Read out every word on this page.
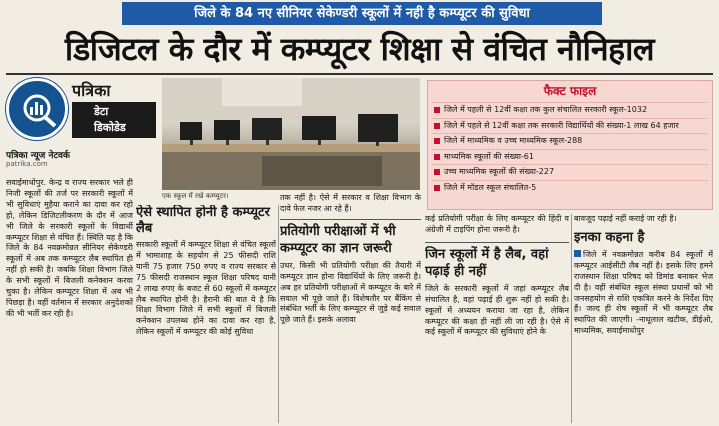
जिले के 84 नए सीनियर सेकेण्डरी स्कूलों में नही है कम्प्यूटर की सुविधा
डिजिटल के दौर में कम्प्यूटर शिक्षा से वंचित नौनिहाल
पत्रिका
डेटा
डिकोडेड
पत्रिका न्यूज नेटवर्क
patrika.com
सवाईमाधोपुर. केन्द्र व राज्य सरकार भले ही निजी स्कूलों की तर्ज पर सरकारी स्कूलों में भी सुविधाएं मुहैया कराने का दावा कर रहो हो, लेकिन डिजिटलीकरण के दौर में आज भी जिले के सरकारी स्कूलों के विद्यार्थी कम्प्यूटर शिक्षा से वंचित हैं। स्थिति यह है कि जिले के 84 नवक्रमोन्नत सीनियर सेकेण्डरी स्कूलों में अब तक कम्प्यूटर लैब स्थापित ही नहीं हो सकी है। जबकि शिक्षा विभाग जिले के सभी स्कूलों में बिजली कनेक्शन करवा चुका है। लेकिन कम्प्यूटर शिक्षा में अब भी पिछड़ा है। वहीं वर्तमान में सरकार अनुदेशकों की भी भर्ती कर रही है।
एक स्कूल में रखे कम्प्यूटर।
ऐसे स्थापित होनी है कम्प्यूटर लैब
सरकारी स्कूलों में कम्प्यूटर शिक्षा से वंचित स्कूलों में भामाशाह के सहयोग से 25 फीसदी राशि यानी 75 हजार 750 रुपए व राज्य सरकार से 75 फीसदी राजस्थान स्कूल शिक्षा परिषद यानी 2 लाख रुपए के बजट से 60 स्कूलों में कम्प्यूटर लैब स्थापित होनी है। हैरानी की बात ये है कि शिक्षा विभाग जिले में सभी स्कूलों में बिजली कनेक्शन उपलब्ध होने का दावा कर रहा है, लेकिन स्कूलों में कम्प्यूटर की कोई सुविधा
तक नहीं है। ऐसे में सरकार व शिक्षा विभाग के दावे फेल नजर आ रहे हैं।
प्रतियोगी परीक्षाओं में भी कम्प्यूटर का ज्ञान जरूरी
उधर, किसी भी प्रतियोगी परीक्षा की तैयारी में कम्प्यूटर ज्ञान होना विद्यार्थियों के लिए जरूरी है। अब हर प्रतियोगी परीक्षाओं में कम्प्यूटर के बारे में सवाल भी पूछे जाते हैं। विशेषतौर पर बैंकिंग से संबंधित भर्ती के लिए कम्प्यूटर से जुड़े कई सवाल पूछे जाते हैं। इसके अलावा
फैक्ट फाइल
जिले में पहली से 12वीं कक्षा तक कुल संचालित सरकारी स्कूल-1032
जिले में पहले से 12वीं कक्षा तक सरकारी विद्यार्थियों की संख्या-1 लाख 64 हजार
जिले में माध्यमिक व उच्च माध्यमिक स्कूल-288
माध्यमिक स्कूलों की संख्या-61
उच्च माध्यमिक स्कूलों की संख्या-227
जिले में मॉडल स्कूल संचालित-5
कई प्रतियोगी परीक्षा के लिए कम्प्यूटर की हिंदी व अंग्रेजी में टाइपिंग होना जरूरी है।
जिन स्कूलों में है लैब, वहां पढ़ाई ही नहीं
जिले के सरकारी स्कूलों में जहां कम्प्यूटर लैब संचालित है, वहां पढ़ाई ही शुरू नहीं हो सकी है। स्कूलों में अध्ययन कराया जा रहा है, लेकिन कम्प्यूटर की कक्षा ही नहीं ली जा रही है। ऐसे में कई स्कूलों में कम्प्यूटर की सुविधाएं होने के
बावजूद पढ़ाई नहीं कराई जा रही है।
इनका कहना है
जिले में नवक्रमोन्नत करीब 84 स्कूलों में कम्प्यूटर आईसीटी लैब नहीं है। इसके लिए हमने राजस्थान शिक्षा परिषद को डिमांड बनाकर भेज दी है। वहीं संबंधित स्कूल संस्था प्रधानों को भी जनसहयोग से राशि एकत्रित करने के निर्देश दिए हैं। जल्द ही शेष स्कूलों में भी कम्प्यूटर लैब स्थापित की जाएगी। -नाथूलाल खटीक, डीईओ, माध्यमिक, सवाईमाधोपुर
